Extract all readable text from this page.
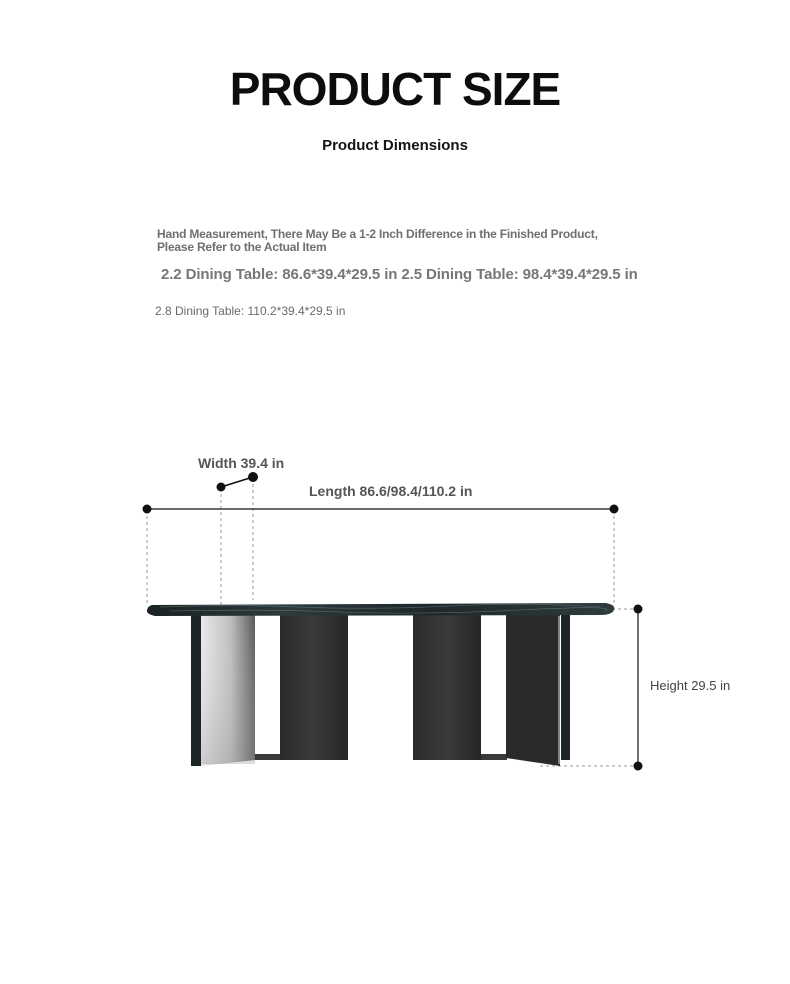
PRODUCT SIZE
Product Dimensions
Hand Measurement, There May Be a 1-2 Inch Difference in the Finished Product, Please Refer to the Actual Item
2.2 Dining Table: 86.6*39.4*29.5 in 2.5 Dining Table: 98.4*39.4*29.5 in
2.8 Dining Table: 110.2*39.4*29.5 in
Width 39.4 in
Length 86.6/98.4/110.2 in
Height 29.5 in
